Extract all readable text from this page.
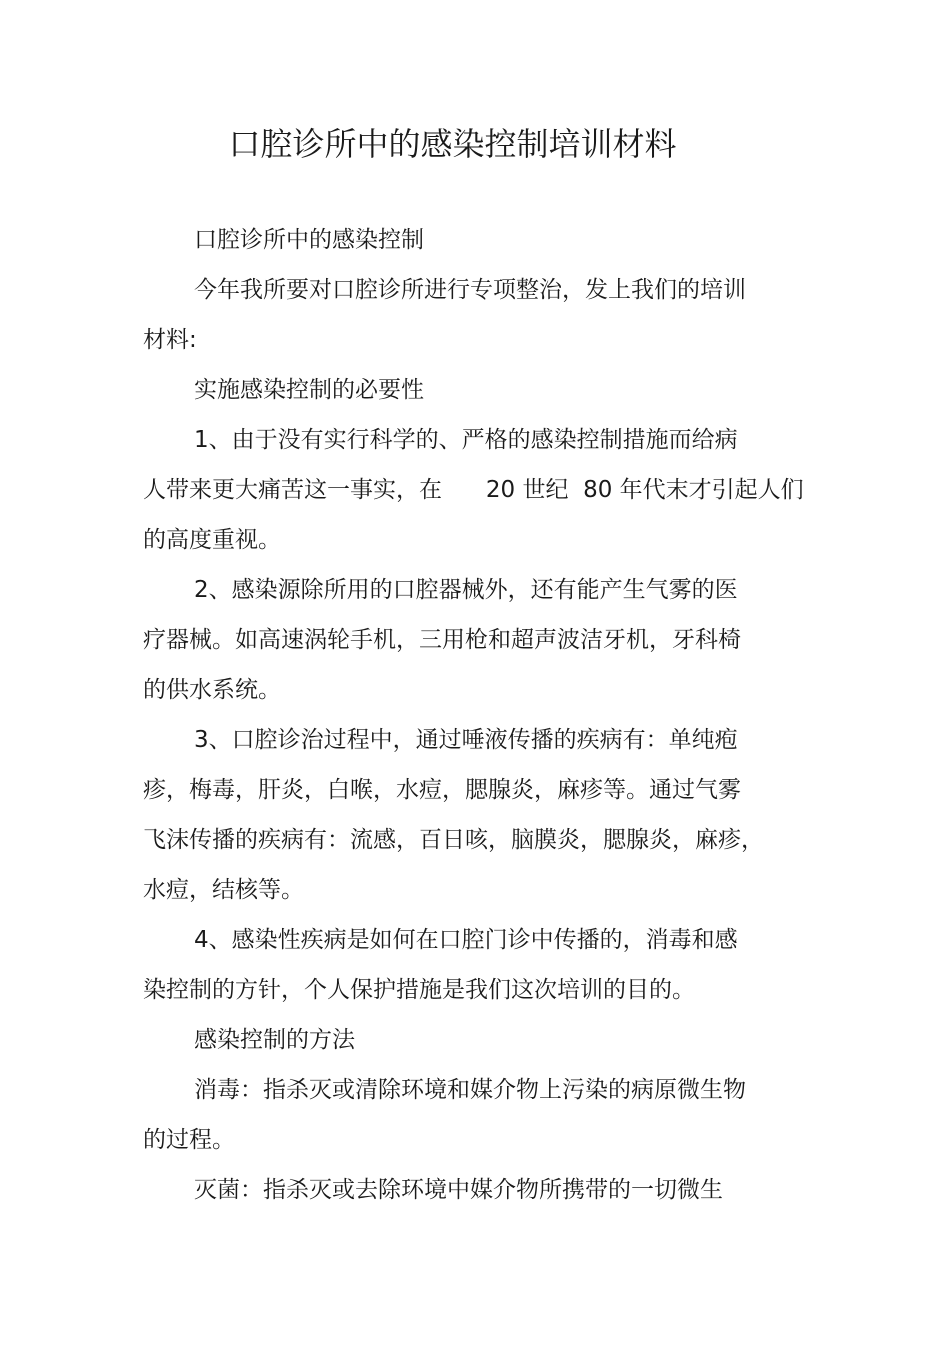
口腔诊所中的感染控制培训材料

口腔诊所中的感染控制

今年我所要对口腔诊所进行专项整治，发上我们的培训

材料:

实施感染控制的必要性

1、由于没有实行科学的、严格的感染控制措施而给病

人带来更大痛苦这一事实，在      20 世纪  80 年代末才引起人们

的高度重视。

2、感染源除所用的口腔器械外，还有能产生气雾的医

疗器械。如高速涡轮手机，三用枪和超声波洁牙机，牙科椅

的供水系统。

3、口腔诊治过程中，通过唾液传播的疾病有：单纯疱

疹，梅毒，肝炎，白喉，水痘，腮腺炎，麻疹等。通过气雾

飞沫传播的疾病有：流感，百日咳，脑膜炎，腮腺炎，麻疹，

水痘，结核等。

4、感染性疾病是如何在口腔门诊中传播的，消毒和感

染控制的方针，个人保护措施是我们这次培训的目的。

感染控制的方法

消毒：指杀灭或清除环境和媒介物上污染的病原微生物

的过程。

灭菌：指杀灭或去除环境中媒介物所携带的一切微生
